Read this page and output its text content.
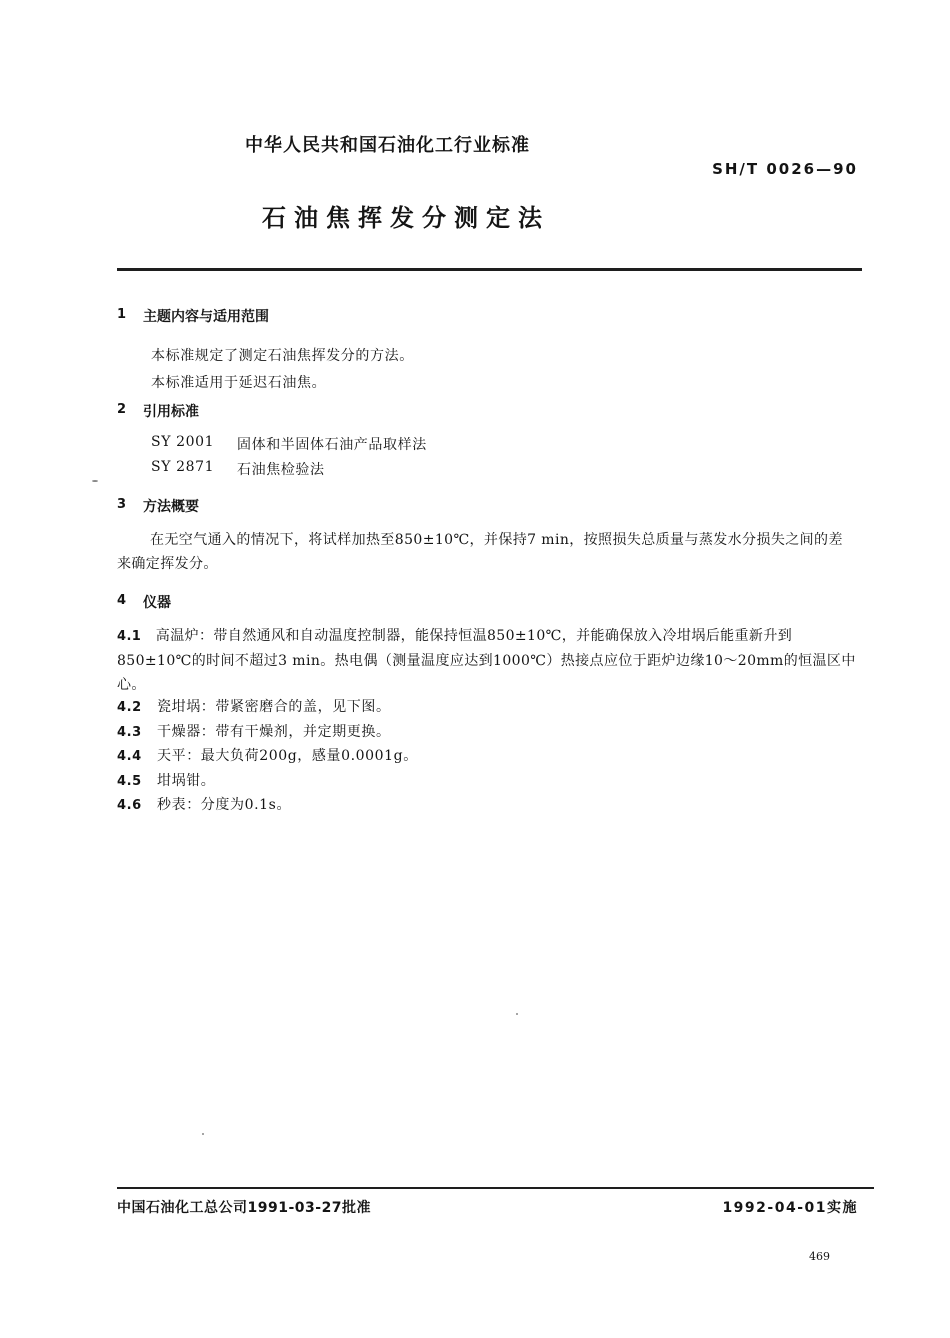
中华人民共和国石油化工行业标准
SH/T 0026—90
石油焦挥发分测定法
1 主题内容与适用范围
本标准规定了测定石油焦挥发分的方法。
本标准适用于延迟石油焦。
2 引用标准
SY 2001 固体和半固体石油产品取样法
SY 2871 石油焦检验法
3 方法概要
在无空气通入的情况下，将试样加热至850±10℃，并保持7 min，按照损失总质量与蒸发水分损失之间的差来确定挥发分。
4 仪器
4.1 高温炉：带自然通风和自动温度控制器，能保持恒温850±10℃，并能确保放入冷坩埚后能重新升到850±10℃的时间不超过3 min。热电偶（测量温度应达到1000℃）热接点应位于距炉边缘10～20mm的恒温区中心。
4.2 瓷坩埚：带紧密磨合的盖，见下图。
4.3 干燥器：带有干燥剂，并定期更换。
4.4 天平：最大负荷200g，感量0.0001g。
4.5 坩埚钳。
4.6 秒表：分度为0.1s。
中国石油化工总公司1991-03-27批准	1992-04-01实施
469
